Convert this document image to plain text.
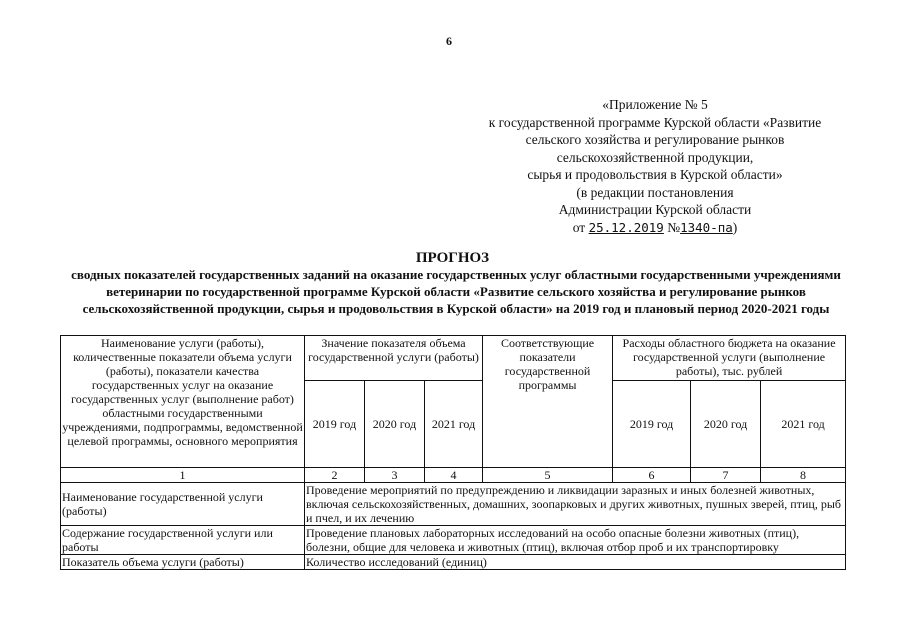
6
«Приложение № 5
к государственной программе Курской области «Развитие
сельского хозяйства и регулирование рынков
сельскохозяйственной продукции,
сырья и продовольствия в Курской области»
(в редакции постановления
Администрации Курской области
от 25.12.2019 №1340-па)
ПРОГНОЗ
сводных показателей государственных заданий на оказание государственных услуг областными государственными учреждениями ветеринарии по государственной программе Курской области «Развитие сельского хозяйства и регулирование рынков сельскохозяйственной продукции, сырья и продовольствия в Курской области» на 2019 год и плановый период 2020-2021 годы
Наименование услуги (работы), количественные показатели объема услуги (работы), показатели качества государственных услуг на оказание государственных услуг (выполнение работ) областными государственными учреждениями, подпрограммы, ведомственной целевой программы, основного мероприятия	Значение показателя объема государственной услуги (работы)			Соответствующие показатели государственной программы	Расходы областного бюджета на оказание государственной услуги (выполнение работы), тыс. рублей		
	2019 год	2020 год	2021 год		2019 год	2020 год	2021 год
1	2	3	4	5	6	7	8
Наименование государственной услуги (работы)	Проведение мероприятий по предупреждению и ликвидации заразных и иных болезней животных, включая сельскохозяйственных, домашних, зоопарковых и других животных, пушных зверей, птиц, рыб и пчел, и их лечению						
Содержание государственной услуги или работы	Проведение плановых лабораторных исследований на особо опасные болезни животных (птиц), болезни, общие для человека и животных (птиц), включая отбор проб и их транспортировку						
Показатель объема услуги (работы)	Количество исследований (единиц)						
